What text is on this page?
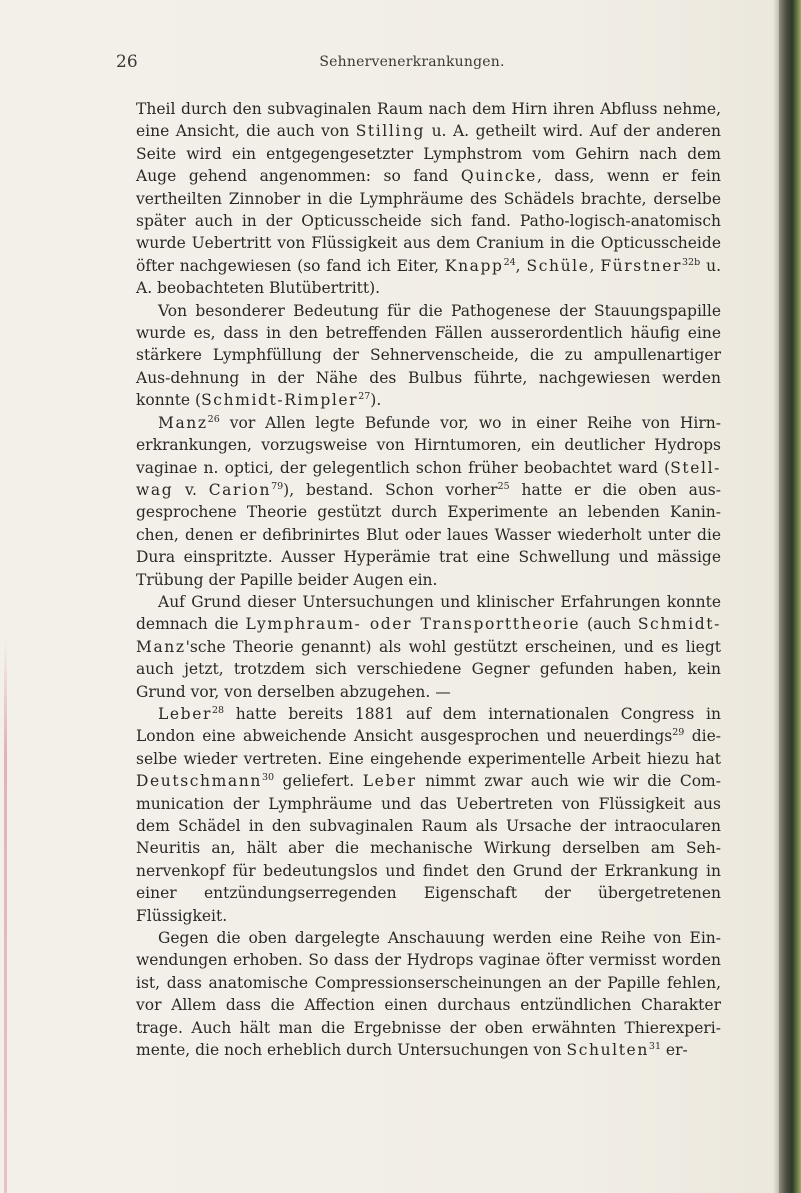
26	Sehnervenerkrankungen.

Theil durch den subvaginalen Raum nach dem Hirn ihren Abfluss nehme, eine Ansicht, die auch von Stilling u. A. getheilt wird. Auf der anderen Seite wird ein entgegengesetzter Lymphstrom vom Gehirn nach dem Auge gehend angenommen: so fand Quincke, dass, wenn er fein vertheilten Zinnober in die Lymphräume des Schädels brachte, derselbe später auch in der Opticusscheide sich fand. Patho-logisch-anatomisch wurde Uebertritt von Flüssigkeit aus dem Cranium in die Opticusscheide öfter nachgewiesen (so fand ich Eiter, Knapp$^{24}$, Schüle, Fürstner$^{32b}$ u. A. beobachteten Blutübertritt).

Von besonderer Bedeutung für die Pathogenese der Stauungspapille wurde es, dass in den betreffenden Fällen ausserordentlich häufig eine stärkere Lymphfüllung der Sehnervenscheide, die zu ampullenartiger Aus-dehnung in der Nähe des Bulbus führte, nachgewiesen werden konnte (Schmidt-Rimpler$^{27}$).

Manz$^{26}$ vor Allen legte Befunde vor, wo in einer Reihe von Hirn-erkrankungen, vorzugsweise von Hirntumoren, ein deutlicher Hydrops vaginae n. optici, der gelegentlich schon früher beobachtet ward (Stell-wag v. Carion$^{79}$), bestand. Schon vorher$^{25}$ hatte er die oben aus-gesprochene Theorie gestützt durch Experimente an lebenden Kanin-chen, denen er defibrinirtes Blut oder laues Wasser wiederholt unter die Dura einspritzte. Ausser Hyperämie trat eine Schwellung und mässige Trübung der Papille beider Augen ein.

Auf Grund dieser Untersuchungen und klinischer Erfahrungen konnte demnach die Lymphraum- oder Transporttheorie (auch Schmidt-Manz'sche Theorie genannt) als wohl gestützt erscheinen, und es liegt auch jetzt, trotzdem sich verschiedene Gegner gefunden haben, kein Grund vor, von derselben abzugehen. —

Leber$^{28}$ hatte bereits 1881 auf dem internationalen Congress in London eine abweichende Ansicht ausgesprochen und neuerdings$^{29}$ die-selbe wieder vertreten. Eine eingehende experimentelle Arbeit hiezu hat Deutschmann$^{30}$ geliefert. Leber nimmt zwar auch wie wir die Com-munication der Lymphräume und das Uebertreten von Flüssigkeit aus dem Schädel in den subvaginalen Raum als Ursache der intraocularen Neuritis an, hält aber die mechanische Wirkung derselben am Seh-nervenkopf für bedeutungslos und findet den Grund der Erkrankung in einer entzündungserregenden Eigenschaft der übergetretenen Flüssigkeit.

Gegen die oben dargelegte Anschauung werden eine Reihe von Ein-wendungen erhoben. So dass der Hydrops vaginae öfter vermisst worden ist, dass anatomische Compressionserscheinungen an der Papille fehlen, vor Allem dass die Affection einen durchaus entzündlichen Charakter trage. Auch hält man die Ergebnisse der oben erwähnten Thierexperi-mente, die noch erheblich durch Untersuchungen von Schulten$^{31}$ er-
